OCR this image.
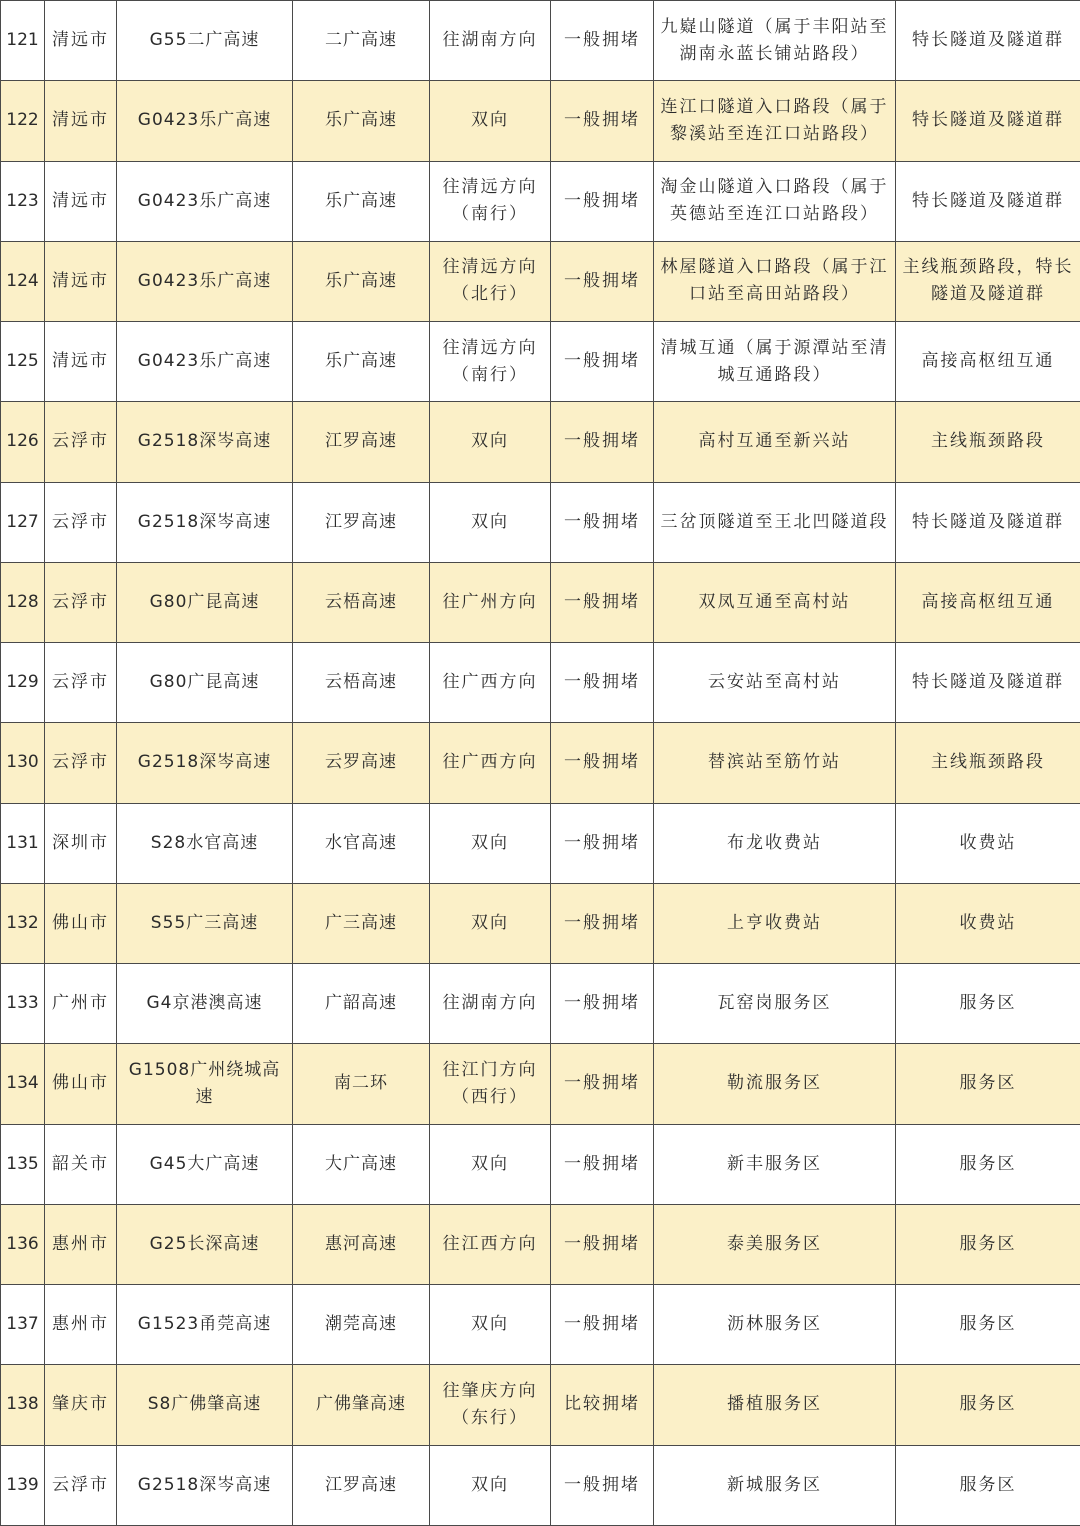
121	清远市	G55二广高速	二广高速	往湖南方向	一般拥堵	九嶷山隧道（属于丰阳站至湖南永蓝长铺站路段）	特长隧道及隧道群
122	清远市	G0423乐广高速	乐广高速	双向	一般拥堵	连江口隧道入口路段（属于黎溪站至连江口站路段）	特长隧道及隧道群
123	清远市	G0423乐广高速	乐广高速	往清远方向（南行）	一般拥堵	淘金山隧道入口路段（属于英德站至连江口站路段）	特长隧道及隧道群
124	清远市	G0423乐广高速	乐广高速	往清远方向（北行）	一般拥堵	林屋隧道入口路段（属于江口站至高田站路段）	主线瓶颈路段，特长隧道及隧道群
125	清远市	G0423乐广高速	乐广高速	往清远方向（南行）	一般拥堵	清城互通（属于源潭站至清城互通路段）	高接高枢纽互通
126	云浮市	G2518深岑高速	江罗高速	双向	一般拥堵	高村互通至新兴站	主线瓶颈路段
127	云浮市	G2518深岑高速	江罗高速	双向	一般拥堵	三岔顶隧道至王北凹隧道段	特长隧道及隧道群
128	云浮市	G80广昆高速	云梧高速	往广州方向	一般拥堵	双凤互通至高村站	高接高枢纽互通
129	云浮市	G80广昆高速	云梧高速	往广西方向	一般拥堵	云安站至高村站	特长隧道及隧道群
130	云浮市	G2518深岑高速	云罗高速	往广西方向	一般拥堵	替滨站至筋竹站	主线瓶颈路段
131	深圳市	S28水官高速	水官高速	双向	一般拥堵	布龙收费站	收费站
132	佛山市	S55广三高速	广三高速	双向	一般拥堵	上亨收费站	收费站
133	广州市	G4京港澳高速	广韶高速	往湖南方向	一般拥堵	瓦窑岗服务区	服务区
134	佛山市	G1508广州绕城高速	南二环	往江门方向（西行）	一般拥堵	勒流服务区	服务区
135	韶关市	G45大广高速	大广高速	双向	一般拥堵	新丰服务区	服务区
136	惠州市	G25长深高速	惠河高速	往江西方向	一般拥堵	泰美服务区	服务区
137	惠州市	G1523甬莞高速	潮莞高速	双向	一般拥堵	沥林服务区	服务区
138	肇庆市	S8广佛肇高速	广佛肇高速	往肇庆方向（东行）	比较拥堵	播植服务区	服务区
139	云浮市	G2518深岑高速	江罗高速	双向	一般拥堵	新城服务区	服务区
